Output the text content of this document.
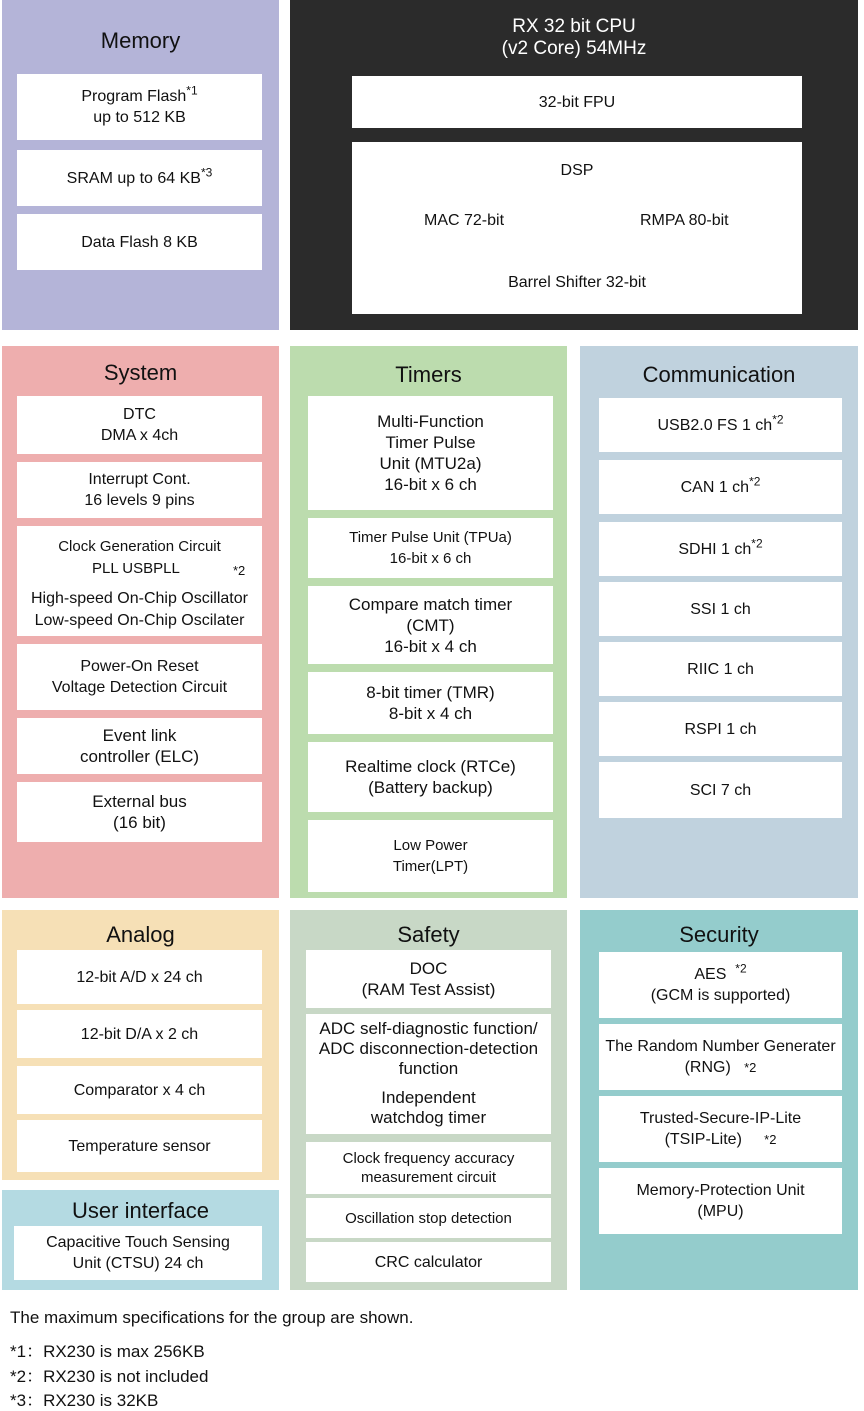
Memory
Program Flash$^{*1}$
up to 512 KB
SRAM up to 64 KB$^{*3}$
Data Flash 8 KB
RX 32 bit CPU
(v2 Core) 54MHz
32-bit FPU
DSP
MAC 72-bit	RMPA 80-bit
Barrel Shifter 32-bit
System
DTC
DMA x 4ch
Interrupt Cont.
16 levels 9 pins
Clock Generation Circuit
PLL USBPLL	*2
High-speed On-Chip Oscillator
Low-speed On-Chip Oscilater
Power-On Reset
Voltage Detection Circuit
Event link
controller (ELC)
External bus
(16 bit)
Timers
Multi-Function
Timer Pulse
Unit (MTU2a)
16-bit x 6 ch
Timer Pulse Unit (TPUa)
16-bit x 6 ch
Compare match timer
(CMT)
16-bit x 4 ch
8-bit timer (TMR)
8-bit x 4 ch
Realtime clock (RTCe)
(Battery backup)
Low Power
Timer(LPT)
Communication
USB2.0 FS 1 $ch^{*2}$
CAN 1 $ch^{*2}$
SDHI 1 $ch^{*2}$
SSI 1 ch
RIIC 1 ch
RSPI 1 ch
SCI 7 ch
Analog
12-bit A/D x 24 ch
12-bit D/A x 2 ch
Comparator x 4 ch
Temperature sensor
User interface
Capacitive Touch Sensing
Unit (CTSU) 24 ch
Safety
DOC
(RAM Test Assist)
ADC self-diagnostic function/
ADC disconnection-detection
function
Independent
watchdog timer
Clock frequency accuracy
measurement circuit
Oscillation stop detection
CRC calculator
Security
AES $^{*2}$
(GCM is supported)
The Random Number Generater
(RNG) *2
Trusted-Secure-IP-Lite
(TSIP-Lite) *2
Memory-Protection Unit
(MPU)
The maximum specifications for the group are shown.
*1：RX230 is max 256KB
*2：RX230 is not included
*3：RX230 is 32KB
